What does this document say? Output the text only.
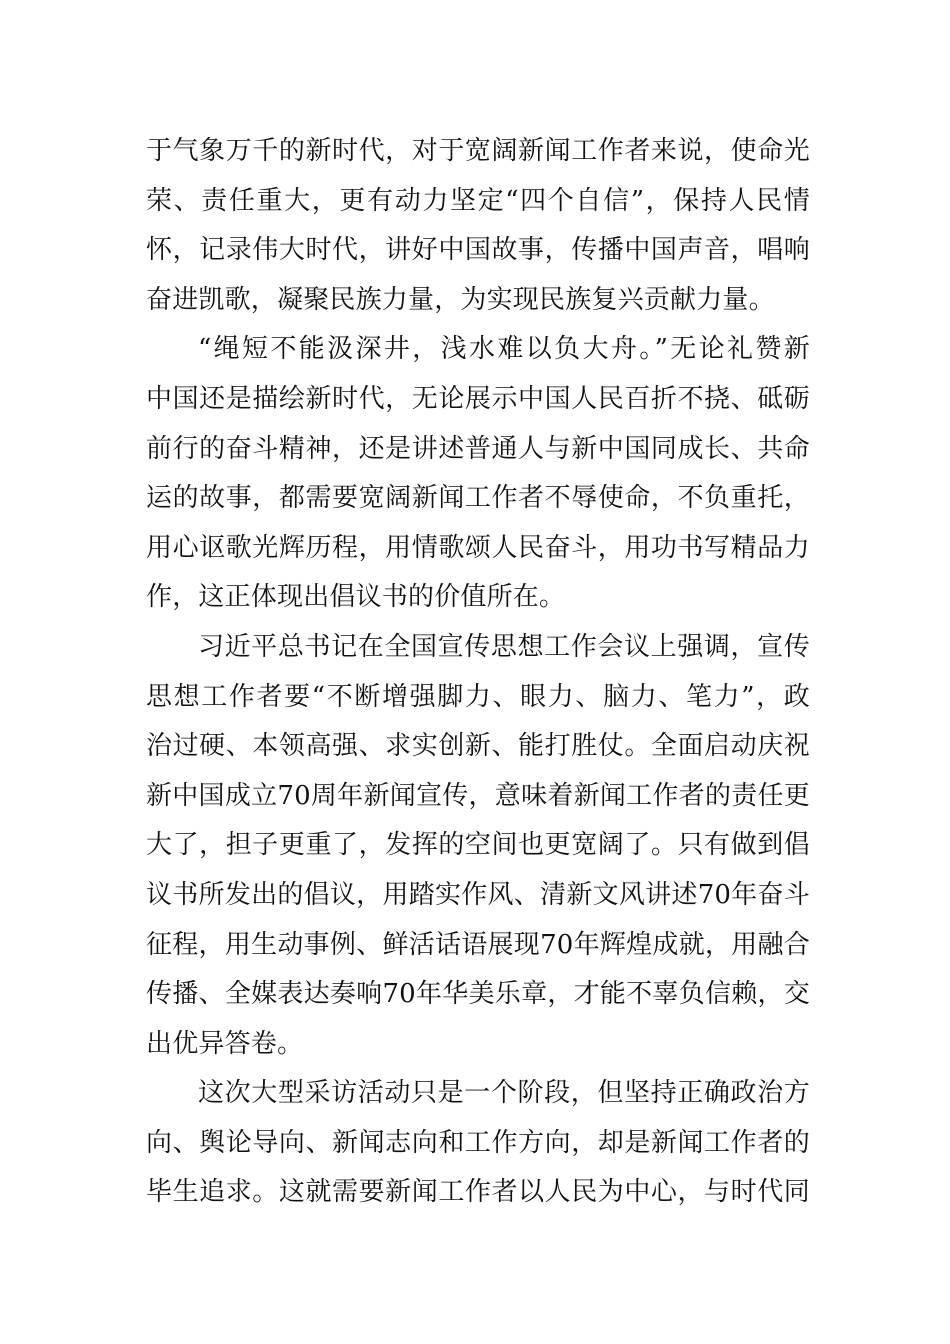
于气象万千的新时代，对于宽阔新闻工作者来说，使命光
荣、责任重大，更有动力坚定“四个自信”，保持人民情
怀，记录伟大时代，讲好中国故事，传播中国声音，唱响
奋进凯歌，凝聚民族力量，为实现民族复兴贡献力量。
“绳短不能汲深井，浅水难以负大舟。”无论礼赞新
中国还是描绘新时代，无论展示中国人民百折不挠、砥砺
前行的奋斗精神，还是讲述普通人与新中国同成长、共命
运的故事，都需要宽阔新闻工作者不辱使命，不负重托，
用心讴歌光辉历程，用情歌颂人民奋斗，用功书写精品力
作，这正体现出倡议书的价值所在。
习近平总书记在全国宣传思想工作会议上强调，宣传
思想工作者要“不断增强脚力、眼力、脑力、笔力”，政
治过硬、本领高强、求实创新、能打胜仗。全面启动庆祝
新中国成立70周年新闻宣传，意味着新闻工作者的责任更
大了，担子更重了，发挥的空间也更宽阔了。只有做到倡
议书所发出的倡议，用踏实作风、清新文风讲述70年奋斗
征程，用生动事例、鲜活话语展现70年辉煌成就，用融合
传播、全媒表达奏响70年华美乐章，才能不辜负信赖，交
出优异答卷。
这次大型采访活动只是一个阶段，但坚持正确政治方
向、舆论导向、新闻志向和工作方向，却是新闻工作者的
毕生追求。这就需要新闻工作者以人民为中心，与时代同
